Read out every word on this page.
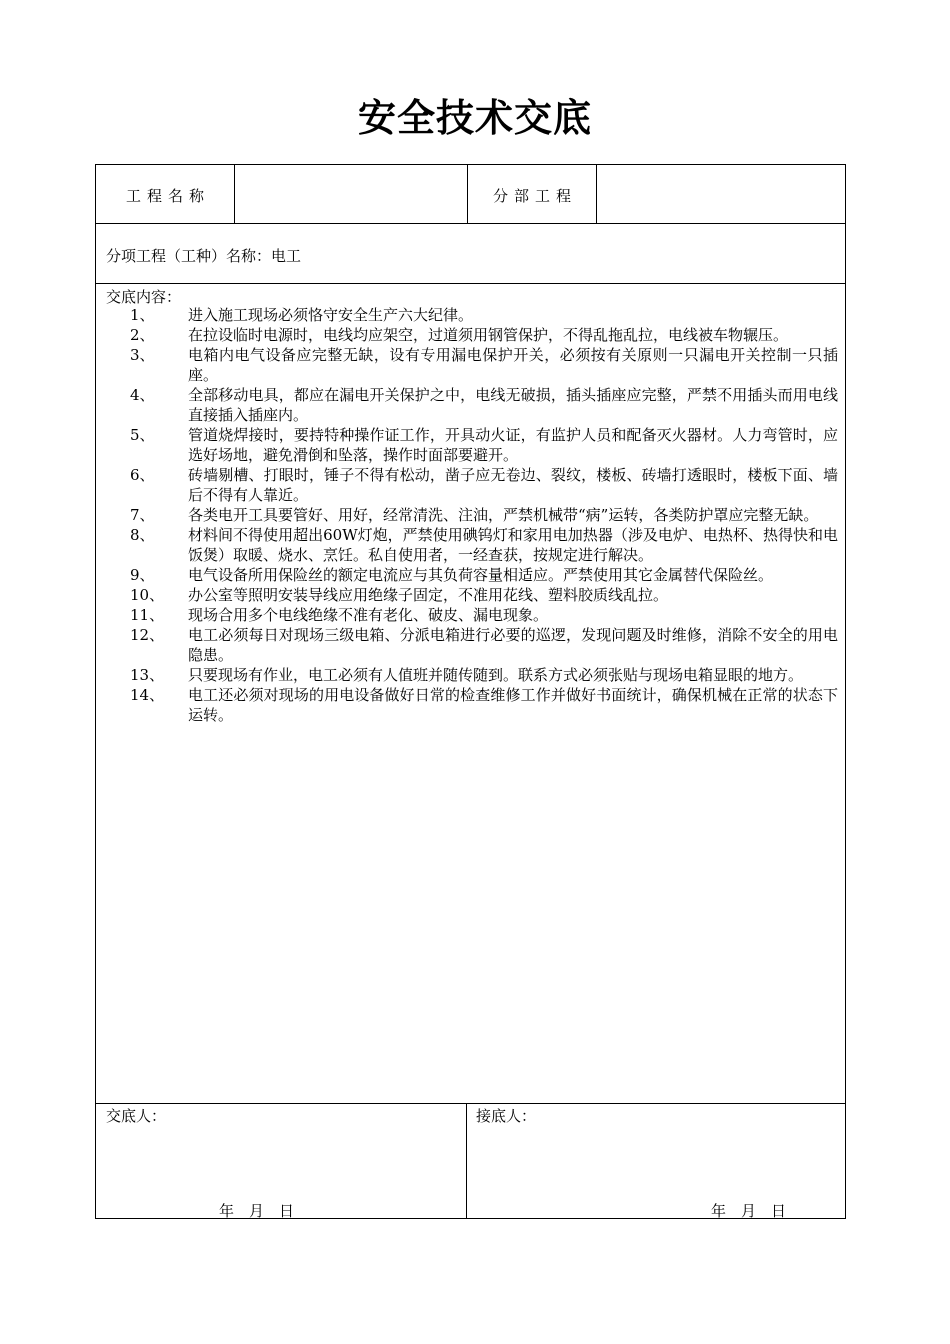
安全技术交底
工程名称	分部工程
分项工程（工种）名称：电工
交底内容：
1、	进入施工现场必须恪守安全生产六大纪律。
2、	在拉设临时电源时，电线均应架空，过道须用钢管保护，不得乱拖乱拉，电线被车物辗压。
3、	电箱内电气设备应完整无缺，设有专用漏电保护开关，必须按有关原则一只漏电开关控制一只插座。
4、	全部移动电具，都应在漏电开关保护之中，电线无破损，插头插座应完整，严禁不用插头而用电线直接插入插座内。
5、	管道烧焊接时，要持特种操作证工作，开具动火证，有监护人员和配备灭火器材。人力弯管时，应选好场地，避免滑倒和坠落，操作时面部要避开。
6、	砖墙剔槽、打眼时，锤子不得有松动，凿子应无卷边、裂纹，楼板、砖墙打透眼时，楼板下面、墙后不得有人靠近。
7、	各类电开工具要管好、用好，经常清洗、注油，严禁机械带“病”运转，各类防护罩应完整无缺。
8、	材料间不得使用超出60W灯炮，严禁使用碘钨灯和家用电加热器（涉及电炉、电热杯、热得快和电饭煲）取暖、烧水、烹饪。私自使用者，一经查获，按规定进行解决。
9、	电气设备所用保险丝的额定电流应与其负荷容量相适应。严禁使用其它金属替代保险丝。
10、	办公室等照明安装导线应用绝缘子固定，不准用花线、塑料胶质线乱拉。
11、	现场合用多个电线绝缘不准有老化、破皮、漏电现象。
12、	电工必须每日对现场三级电箱、分派电箱进行必要的巡逻，发现问题及时维修，消除不安全的用电隐患。
13、	只要现场有作业，电工必须有人值班并随传随到。联系方式必须张贴与现场电箱显眼的地方。
14、	电工还必须对现场的用电设备做好日常的检查维修工作并做好书面统计，确保机械在正常的状态下运转。
交底人：	接底人：
年　月　日	年　月　日
